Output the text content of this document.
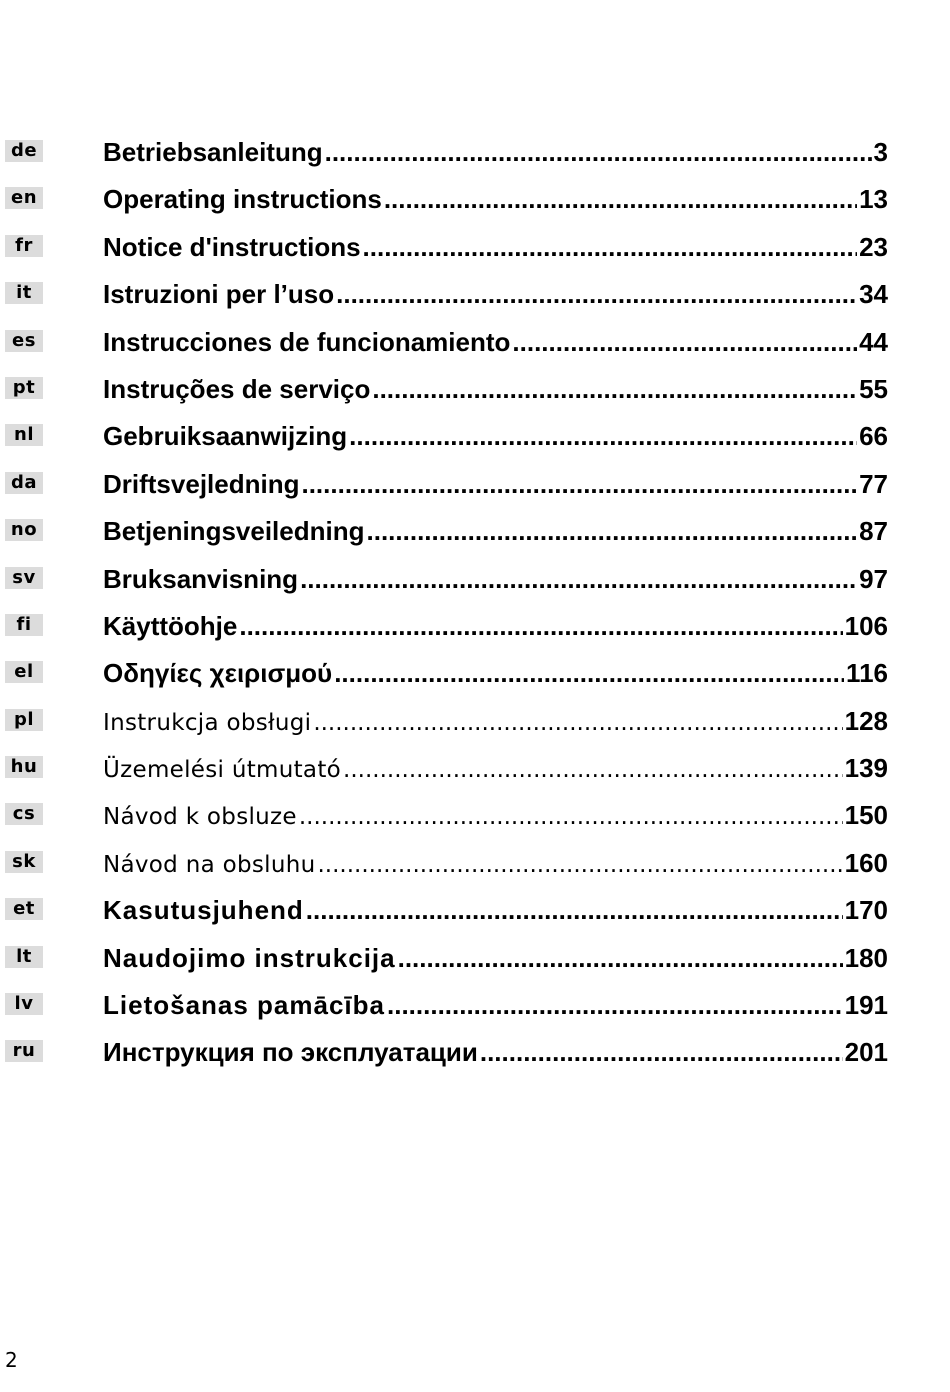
de	Betriebsanleitung .....	3
en	Operating instructions .....	13
fr	Notice d'instructions .....	23
it	Istruzioni per l’uso .....	34
es	Instrucciones de funcionamiento .....	44
pt	Instruções de serviço .....	55
nl	Gebruiksaanwijzing .....	66
da	Driftsvejledning .....	77
no	Betjeningsveiledning .....	87
sv	Bruksanvisning .....	97
fi	Käyttöohje .....	106
el	Οδηγίες χειρισμού .....	116
pl	Instrukcja obsługi .....	128
hu	Üzemelési útmutató .....	139
cs	Návod k obsluze .....	150
sk	Návod na obsluhu .....	160
et	Kasutusjuhend .....	170
lt	Naudojimo instrukcija .....	180
lv	Lietošanas pamācība .....	191
ru	Инструкция по эксплуатации .....	201
2
